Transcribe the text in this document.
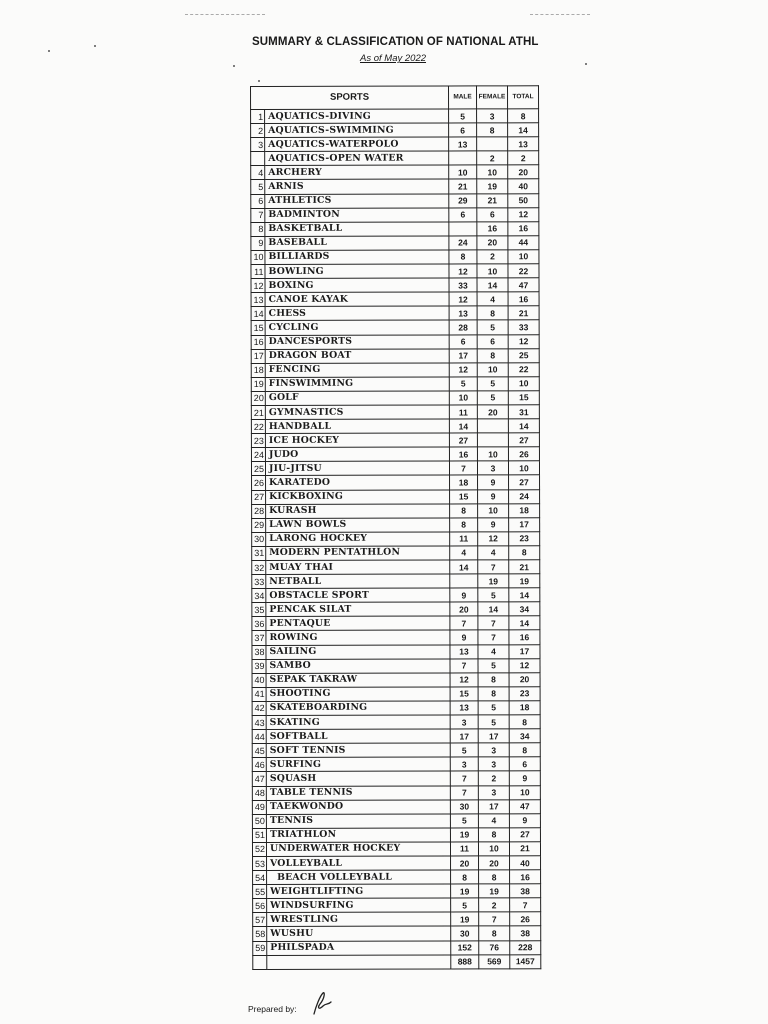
SUMMARY & CLASSIFICATION OF NATIONAL ATHL
As of May 2022
SPORTS		MALE	FEMALE	TOTAL
1	AQUATICS-DIVING	5	3	8
2	AQUATICS-SWIMMING	6	8	14
3	AQUATICS-WATERPOLO	13		13
	AQUATICS-OPEN WATER		2	2
4	ARCHERY	10	10	20
5	ARNIS	21	19	40
6	ATHLETICS	29	21	50
7	BADMINTON	6	6	12
8	BASKETBALL		16	16
9	BASEBALL	24	20	44
10	BILLIARDS	8	2	10
11	BOWLING	12	10	22
12	BOXING	33	14	47
13	CANOE KAYAK	12	4	16
14	CHESS	13	8	21
15	CYCLING	28	5	33
16	DANCESPORTS	6	6	12
17	DRAGON BOAT	17	8	25
18	FENCING	12	10	22
19	FINSWIMMING	5	5	10
20	GOLF	10	5	15
21	GYMNASTICS	11	20	31
22	HANDBALL	14		14
23	ICE HOCKEY	27		27
24	JUDO	16	10	26
25	JIU-JITSU	7	3	10
26	KARATEDO	18	9	27
27	KICKBOXING	15	9	24
28	KURASH	8	10	18
29	LAWN BOWLS	8	9	17
30	LARONG HOCKEY	11	12	23
31	MODERN PENTATHLON	4	4	8
32	MUAY THAI	14	7	21
33	NETBALL		19	19
34	OBSTACLE SPORT	9	5	14
35	PENCAK SILAT	20	14	34
36	PENTAQUE	7	7	14
37	ROWING	9	7	16
38	SAILING	13	4	17
39	SAMBO	7	5	12
40	SEPAK TAKRAW	12	8	20
41	SHOOTING	15	8	23
42	SKATEBOARDING	13	5	18
43	SKATING	3	5	8
44	SOFTBALL	17	17	34
45	SOFT TENNIS	5	3	8
46	SURFING	3	3	6
47	SQUASH	7	2	9
48	TABLE TENNIS	7	3	10
49	TAEKWONDO	30	17	47
50	TENNIS	5	4	9
51	TRIATHLON	19	8	27
52	UNDERWATER HOCKEY	11	10	21
53	VOLLEYBALL	20	20	40
54	BEACH VOLLEYBALL	8	8	16
55	WEIGHTLIFTING	19	19	38
56	WINDSURFING	5	2	7
57	WRESTLING	19	7	26
58	WUSHU	30	8	38
59	PHILSPADA	152	76	228
		888	569	1457
Prepared by:
